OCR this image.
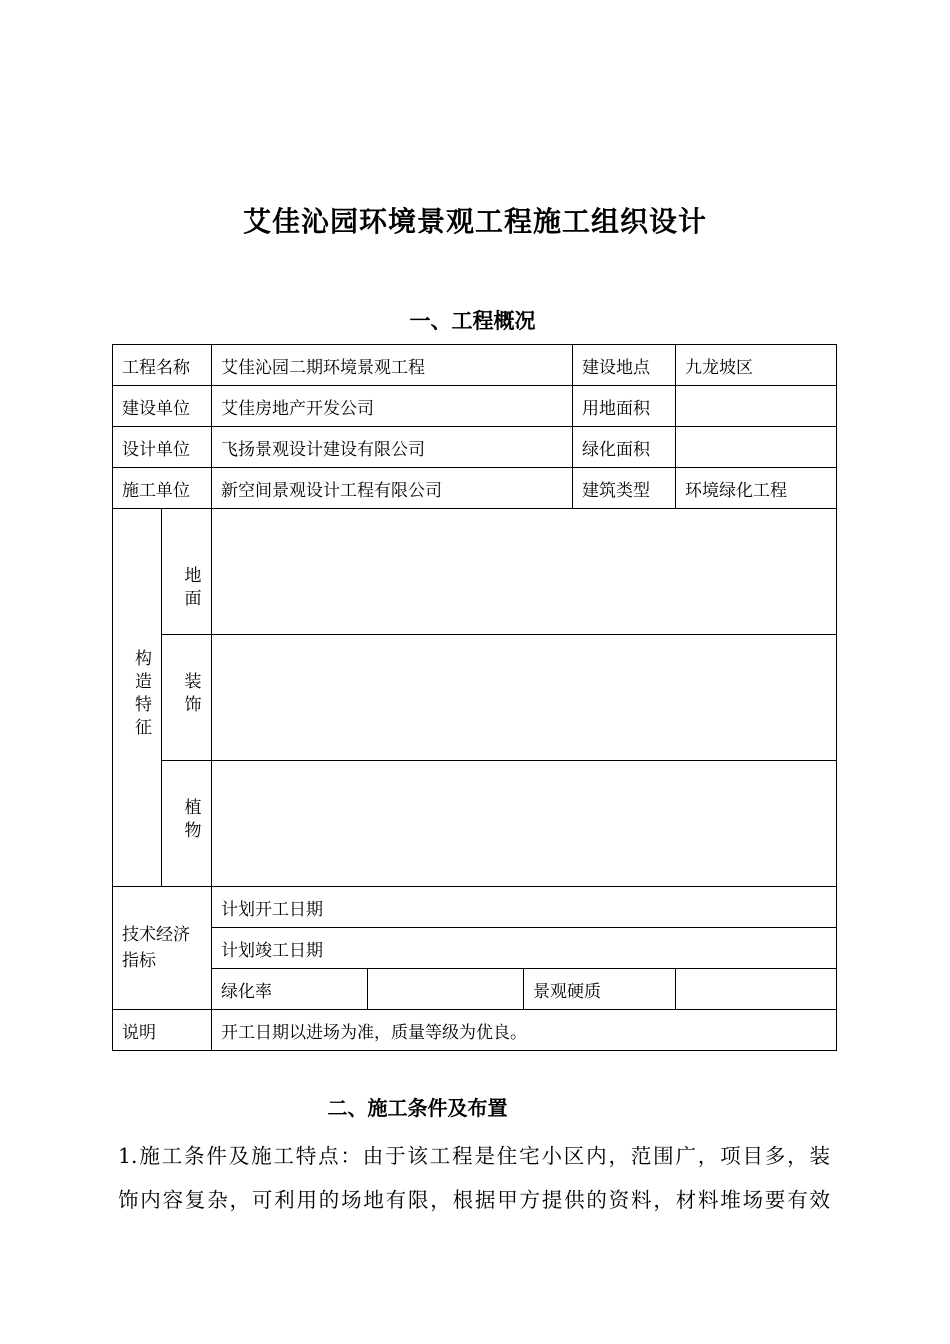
艾佳沁园环境景观工程施工组织设计
一、工程概况
工程名称		艾佳沁园二期环境景观工程			建设地点	九龙坡区
建设单位		艾佳房地产开发公司			用地面积	
设计单位		飞扬景观设计建设有限公司			绿化面积	
施工单位		新空间景观设计工程有限公司			建筑类型	环境绿化工程
构造特征	地面					
	装饰					
	植物					

技术经济
指标		计划开工日期				
		计划竣工日期				
		绿化率		景观硬质		
说明		开工日期以进场为准，质量等级为优良。				
二、施工条件及布置
1.施工条件及施工特点：由于该工程是住宅小区内，范围广，项目多，装
饰内容复杂，可利用的场地有限，根据甲方提供的资料，材料堆场要有效
